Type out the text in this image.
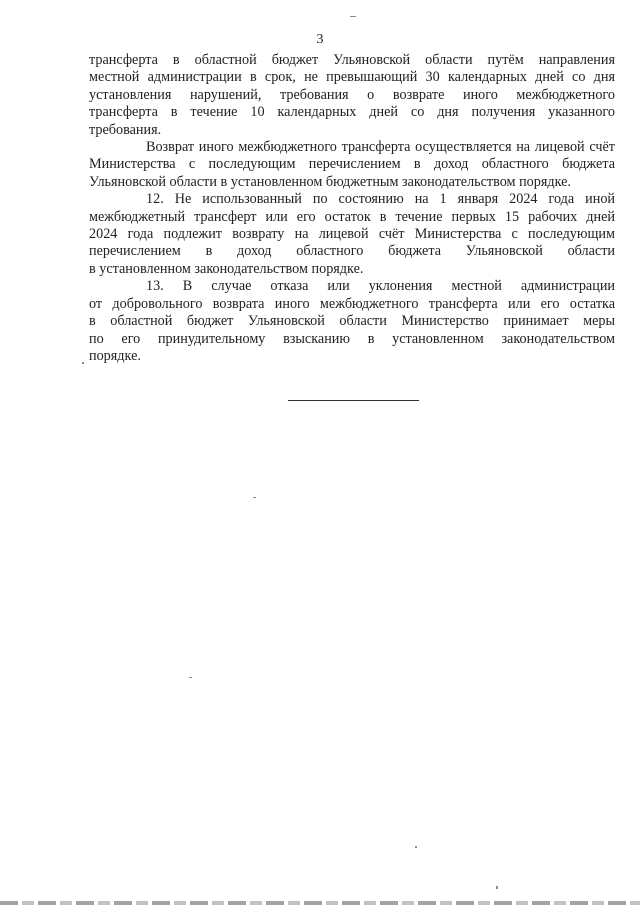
3
трансферта в областной бюджет Ульяновской области путём направления
местной администрации в срок, не превышающий 30 календарных дней со дня
установления нарушений, требования о возврате иного межбюджетного
трансферта в течение 10 календарных дней со дня получения указанного
требования.
Возврат иного межбюджетного трансферта осуществляется на лицевой счёт
Министерства с последующим перечислением в доход областного бюджета
Ульяновской области в установленном бюджетным законодательством порядке.
12. Не использованный по состоянию на 1 января 2024 года иной
межбюджетный трансферт или его остаток в течение первых 15 рабочих дней
2024 года подлежит возврату на лицевой счёт Министерства с последующим
перечислением в доход областного бюджета Ульяновской области
в установленном законодательством порядке.
13. В случае отказа или уклонения местной администрации
от добровольного возврата иного межбюджетного трансферта или его остатка
в областной бюджет Ульяновской области Министерство принимает меры
по его принудительному взысканию в установленном законодательством
порядке.
